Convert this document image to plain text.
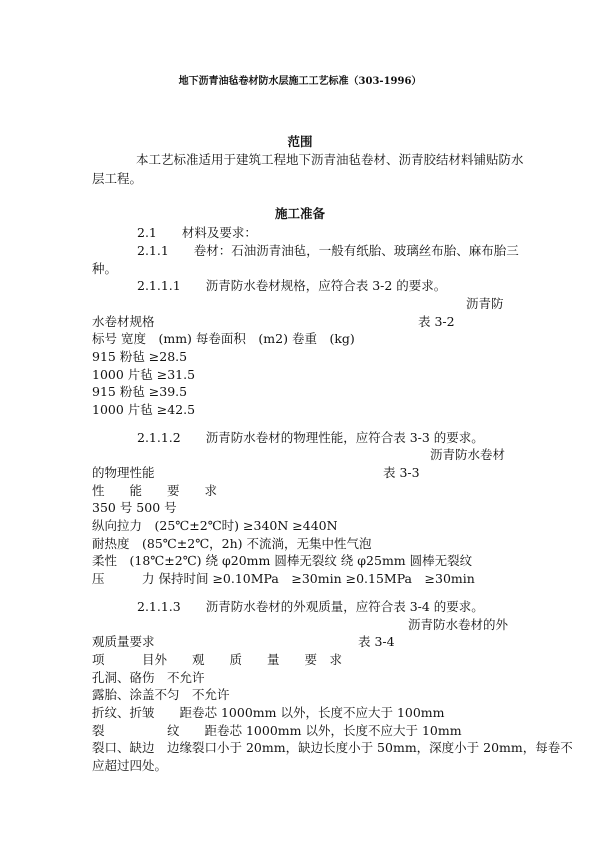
地下沥青油毡卷材防水层施工工艺标准（303-1996）
范围
本工艺标准适用于建筑工程地下沥青油毡卷材、沥青胶结材料铺贴防水
层工程。
施工准备
2.1　　材料及要求：
2.1.1　　卷材：石油沥青油毡，一般有纸胎、玻璃丝布胎、麻布胎三
种。
2.1.1.1　　沥青防水卷材规格，应符合表 3-2 的要求。
沥青防
水卷材规格	表 3-2
标号 宽度　(mm) 每卷面积　(m2) 卷重　(kg)
915 粉毡 ≥28.5
1000 片毡 ≥31.5
915 粉毡 ≥39.5
1000 片毡 ≥42.5
2.1.1.2　　沥青防水卷材的物理性能，应符合表 3-3 的要求。
沥青防水卷材
的物理性能	表 3-3
性　　能　　要　　求
350 号 500 号
纵向拉力　(25℃±2℃时) ≥340N ≥440N
耐热度　(85℃±2℃，2h) 不流淌，无集中性气泡
柔性　(18℃±2℃) 绕 φ20mm 圆棒无裂纹 绕 φ25mm 圆棒无裂纹
压　　　力 保持时间 ≥0.10MPa　≥30min ≥0.15MPa　≥30min
2.1.1.3　　沥青防水卷材的外观质量，应符合表 3-4 的要求。
沥青防水卷材的外
观质量要求	表 3-4
项　　　目外　　观　　质　　量　　要　求
孔洞、硌伤　不允许
露胎、涂盖不匀　不允许
折纹、折皱　　距卷芯 1000mm 以外，长度不应大于 100mm
裂　　　　　纹　　距卷芯 1000mm 以外，长度不应大于 10mm
裂口、缺边　边缘裂口小于 20mm，缺边长度小于 50mm，深度小于 20mm，每卷不
应超过四处。
